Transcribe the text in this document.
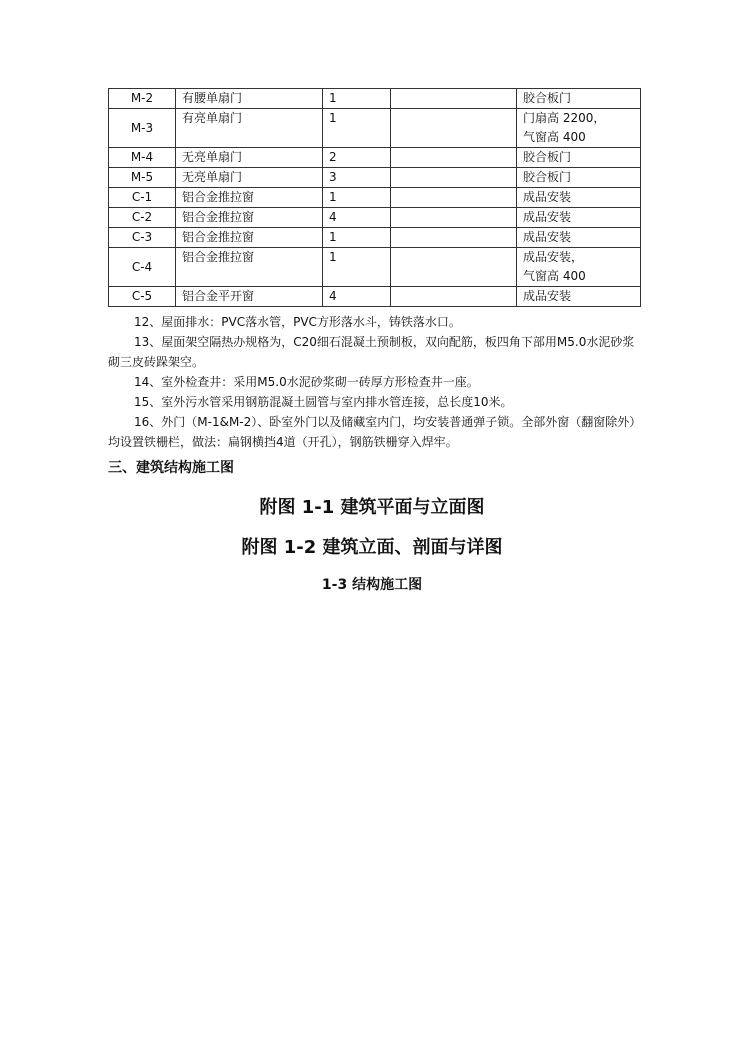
M-2	有腰单扇门	1		胶合板门

M-3	有亮单扇门	1		门扇高 2200，
气窗高 400

M-4	无亮单扇门	2		胶合板门

M-5	无亮单扇门	3		胶合板门

C-1	铝合金推拉窗	1		成品安装

C-2	铝合金推拉窗	4		成品安装

C-3	铝合金推拉窗	1		成品安装

C-4	铝合金推拉窗	1		成品安装，
气窗高 400

C-5	铝合金平开窗	4		成品安装
12、屋面排水：PVC落水管，PVC方形落水斗，铸铁落水口。
13、屋面架空隔热办规格为，C20细石混凝土预制板，双向配筋，板四角下部用M5.0水泥砂浆砌三皮砖跺架空。
14、室外检查井：采用M5.0水泥砂浆砌一砖厚方形检查井一座。
15、室外污水管采用钢筋混凝土圆管与室内排水管连接，总长度10米。
16、外门（M-1&M-2）、卧室外门以及储藏室内门，均安装普通弹子锁。全部外窗（翻窗除外）均设置铁栅栏，做法：扁钢横挡4道（开孔），钢筋铁栅穿入焊牢。
三、建筑结构施工图
附图 1-1 建筑平面与立面图
附图 1-2 建筑立面、剖面与详图
1-3 结构施工图
